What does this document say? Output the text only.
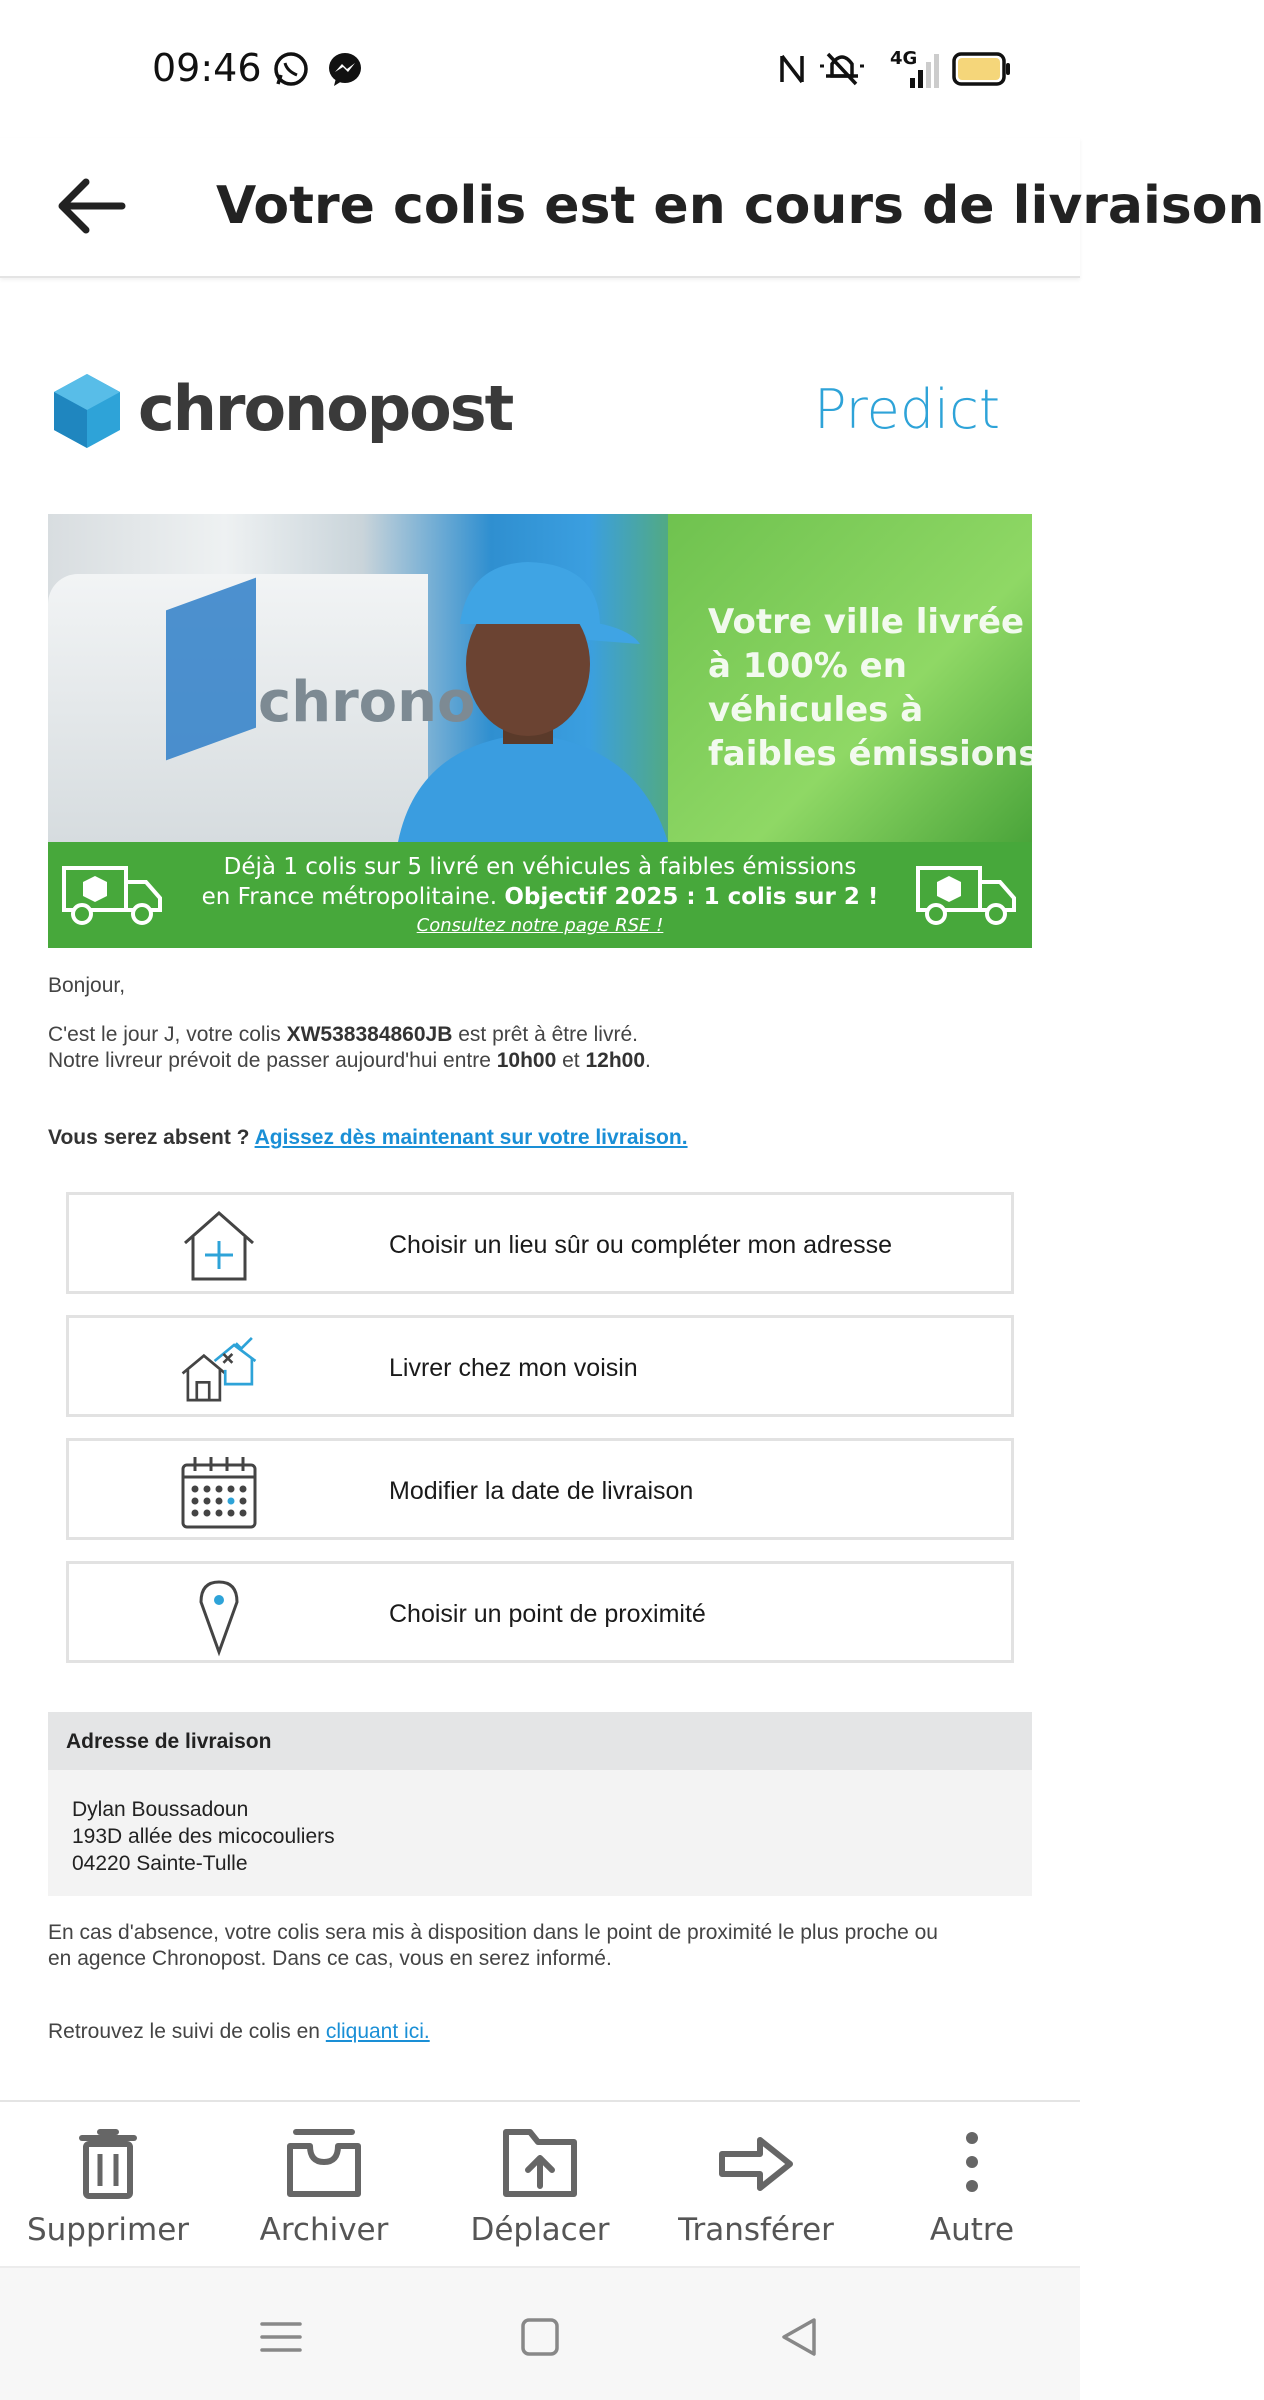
09:46	4G
Votre colis est en cours de livraison
chronopost	Predict
chrono
Votre ville livrée à 100% en véhicules à faibles émissions
Déjà 1 colis sur 5 livré en véhicules à faibles émissions
en France métropolitaine. Objectif 2025 : 1 colis sur 2 !
Consultez notre page RSE !
Bonjour,
C'est le jour J, votre colis XW538384860JB est prêt à être livré.
Notre livreur prévoit de passer aujourd'hui entre 10h00 et 12h00.
Vous serez absent ? Agissez dès maintenant sur votre livraison.
Choisir un lieu sûr ou compléter mon adresse
Livrer chez mon voisin
Modifier la date de livraison
Choisir un point de proximité
Adresse de livraison
Dylan Boussadoun
193D allée des micocouliers
04220 Sainte-Tulle
En cas d'absence, votre colis sera mis à disposition dans le point de proximité le plus proche ou
en agence Chronopost. Dans ce cas, vous en serez informé.
Retrouvez le suivi de colis en cliquant ici.
Supprimer	Archiver	Déplacer	Transférer	Autre
